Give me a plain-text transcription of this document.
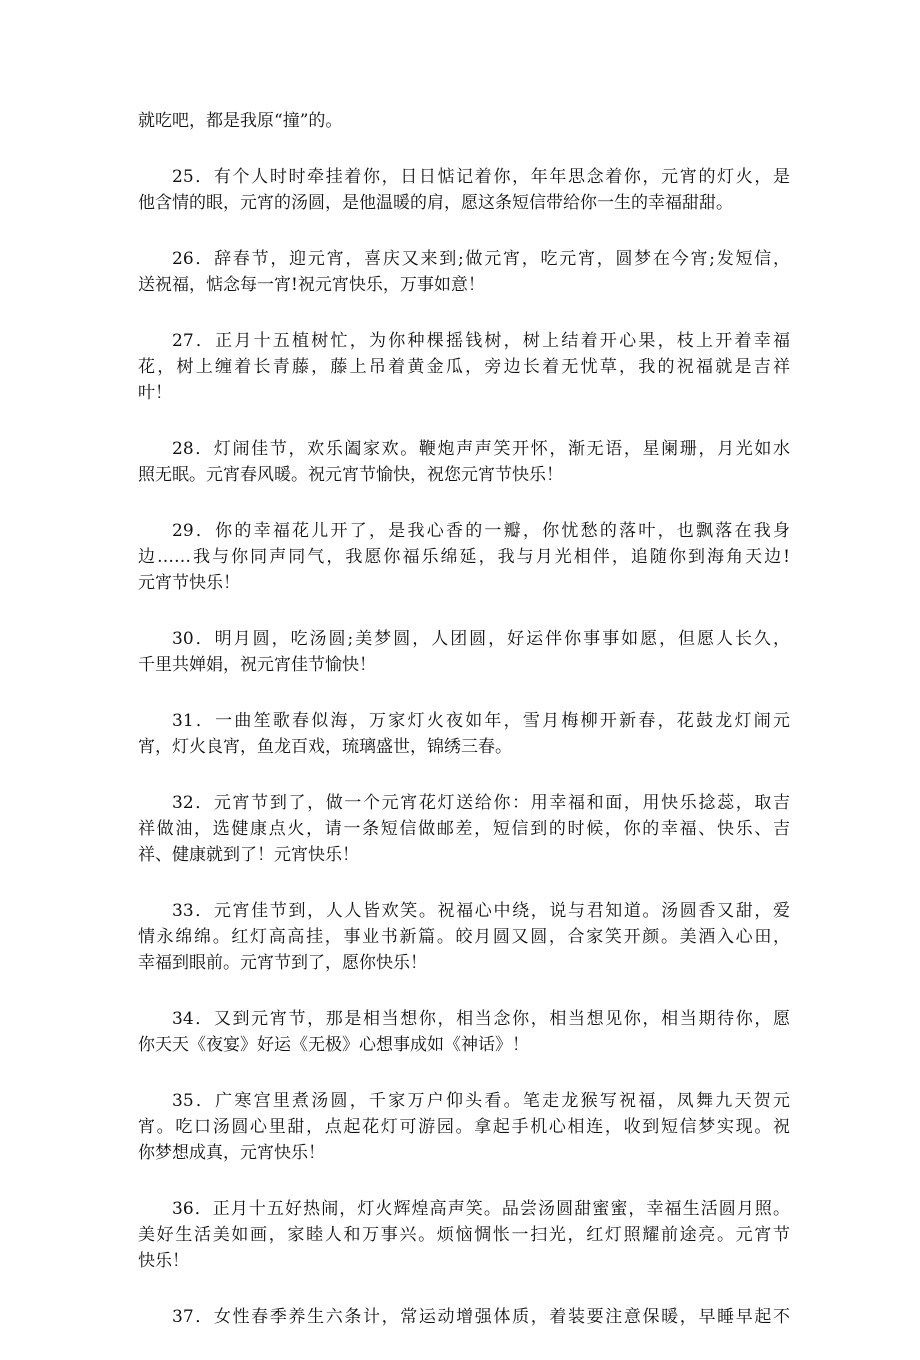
就吃吧，都是我原“撞”的。
25．有个人时时牵挂着你，日日惦记着你，年年思念着你，元宵的灯火，是
他含情的眼，元宵的汤圆，是他温暖的肩，愿这条短信带给你一生的幸福甜甜。
26．辞春节，迎元宵，喜庆又来到;做元宵，吃元宵，圆梦在今宵;发短信，
送祝福，惦念每一宵!祝元宵快乐，万事如意！
27．正月十五植树忙，为你种棵摇钱树，树上结着开心果，枝上开着幸福
花，树上缠着长青藤，藤上吊着黄金瓜，旁边长着无忧草，我的祝福就是吉祥
叶！
28．灯闹佳节，欢乐阖家欢。鞭炮声声笑开怀，渐无语，星阑珊，月光如水
照无眠。元宵春风暖。祝元宵节愉快，祝您元宵节快乐！
29．你的幸福花儿开了，是我心香的一瓣，你忧愁的落叶，也飘落在我身
边……我与你同声同气，我愿你福乐绵延，我与月光相伴，追随你到海角天边!
元宵节快乐！
30．明月圆，吃汤圆;美梦圆，人团圆，好运伴你事事如愿，但愿人长久，
千里共婵娟，祝元宵佳节愉快！
31．一曲笙歌春似海，万家灯火夜如年，雪月梅柳开新春，花鼓龙灯闹元
宵，灯火良宵，鱼龙百戏，琉璃盛世，锦绣三春。
32．元宵节到了，做一个元宵花灯送给你：用幸福和面，用快乐捻蕊，取吉
祥做油，选健康点火，请一条短信做邮差，短信到的时候，你的幸福、快乐、吉
祥、健康就到了！元宵快乐！
33．元宵佳节到，人人皆欢笑。祝福心中绕，说与君知道。汤圆香又甜，爱
情永绵绵。红灯高高挂，事业书新篇。皎月圆又圆，合家笑开颜。美酒入心田，
幸福到眼前。元宵节到了，愿你快乐！
34．又到元宵节，那是相当想你，相当念你，相当想见你，相当期待你，愿
你天天《夜宴》好运《无极》心想事成如《神话》！
35．广寒宫里煮汤圆，千家万户仰头看。笔走龙猴写祝福，凤舞九天贺元
宵。吃口汤圆心里甜，点起花灯可游园。拿起手机心相连，收到短信梦实现。祝
你梦想成真，元宵快乐！
36．正月十五好热闹，灯火辉煌高声笑。品尝汤圆甜蜜蜜，幸福生活圆月照。
美好生活美如画，家睦人和万事兴。烦恼惆怅一扫光，红灯照耀前途亮。元宵节
快乐！
37．女性春季养生六条计，常运动增强体质，着装要注意保暖，早睡早起不
